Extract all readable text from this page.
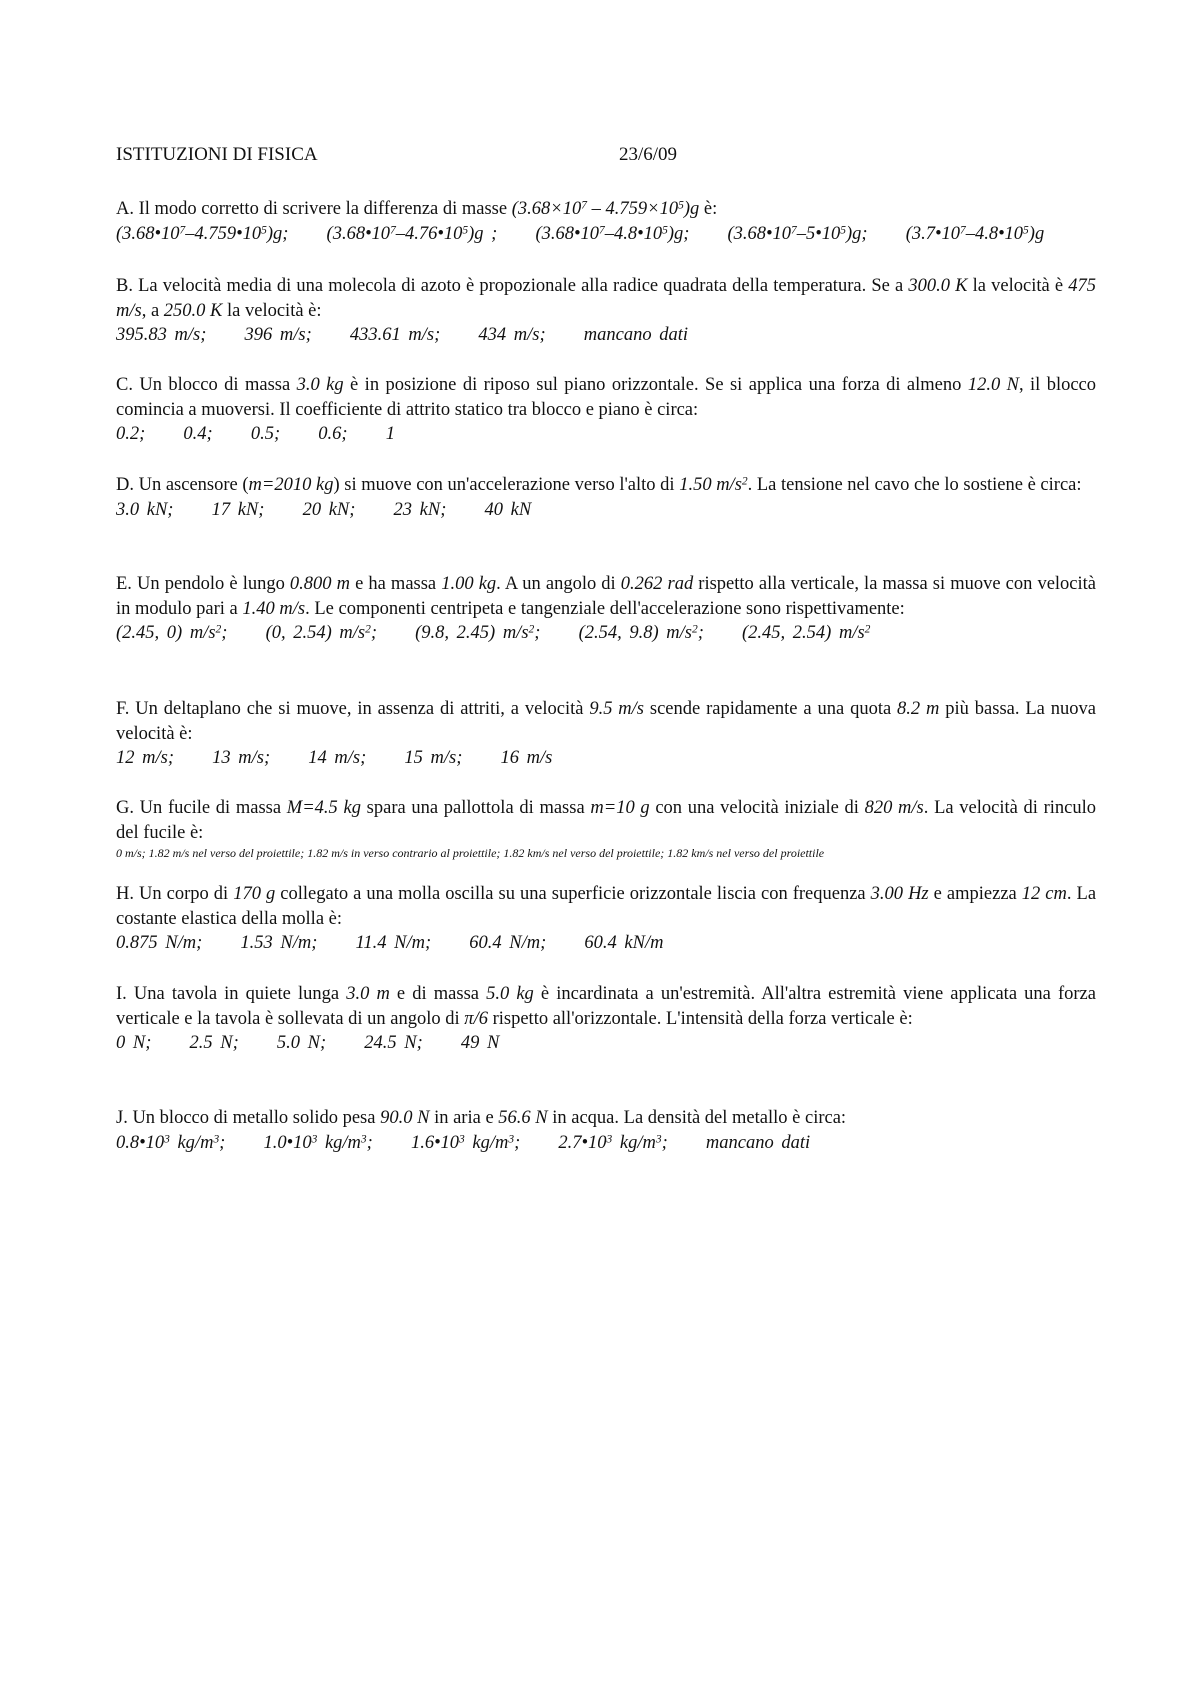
ISTITUZIONI DI FISICA	23/6/09
A. Il modo corretto di scrivere la differenza di masse $(3.68\times 10^7 - 4.759\times 10^5)g$ è:
$(3.68•10^7-4.759•10^5)g$; $(3.68•10^7-4.76•10^5)g$ ; $(3.68•10^7-4.8•10^5)g$; $(3.68•10^7-5•10^5)g$; $(3.7•10^7-4.8•10^5)g$
B. La velocità media di una molecola di azoto è propozionale alla radice quadrata della temperatura. Se a 300.0 K la velocità è 475 m/s, a 250.0 K la velocità è:
395.83 m/s; 396 m/s; 433.61 m/s; 434 m/s; mancano dati
C. Un blocco di massa 3.0 kg è in posizione di riposo sul piano orizzontale. Se si applica una forza di almeno 12.0 N, il blocco comincia a muoversi. Il coefficiente di attrito statico tra blocco e piano è circa:
0.2; 0.4; 0.5; 0.6; 1
D. Un ascensore (m=2010 kg) si muove con un'accelerazione verso l'alto di 1.50 $m/s^2$. La tensione nel cavo che lo sostiene è circa:
3.0 kN; 17 kN; 20 kN; 23 kN; 40 kN
E. Un pendolo è lungo 0.800 m e ha massa 1.00 kg. A un angolo di 0.262 rad rispetto alla verticale, la massa si muove con velocità in modulo pari a 1.40 m/s. Le componenti centripeta e tangenziale dell'accelerazione sono rispettivamente:
(2.45, 0) $m/s^2$; (0, 2.54) $m/s^2$; (9.8, 2.45) $m/s^2$; (2.54, 9.8) $m/s^2$; (2.45, 2.54) $m/s^2$
F. Un deltaplano che si muove, in assenza di attriti, a velocità 9.5 m/s scende rapidamente a una quota 8.2 m più bassa. La nuova velocità è:
12 m/s; 13 m/s; 14 m/s; 15 m/s; 16 m/s
G. Un fucile di massa M=4.5 kg spara una pallottola di massa m=10 g con una velocità iniziale di 820 m/s. La velocità di rinculo del fucile è:
0 m/s; 1.82 m/s nel verso del proiettile; 1.82 m/s in verso contrario al proiettile; 1.82 km/s nel verso del proiettile; 1.82 km/s nel verso del proiettile
H. Un corpo di 170 g collegato a una molla oscilla su una superficie orizzontale liscia con frequenza 3.00 Hz e ampiezza 12 cm. La costante elastica della molla è:
0.875 N/m; 1.53 N/m; 11.4 N/m; 60.4 N/m; 60.4 kN/m
I. Una tavola in quiete lunga 3.0 m e di massa 5.0 kg è incardinata a un'estremità. All'altra estremità viene applicata una forza verticale e la tavola è sollevata di un angolo di π/6 rispetto all'orizzontale. L'intensità della forza verticale è:
0 N; 2.5 N; 5.0 N; 24.5 N; 49 N
J. Un blocco di metallo solido pesa 90.0 N in aria e 56.6 N in acqua. La densità del metallo è circa:
$0.8•10^3$ $kg/m^3$; $1.0•10^3$ $kg/m^3$; $1.6•10^3$ $kg/m^3$; $2.7•10^3$ $kg/m^3$; mancano dati
